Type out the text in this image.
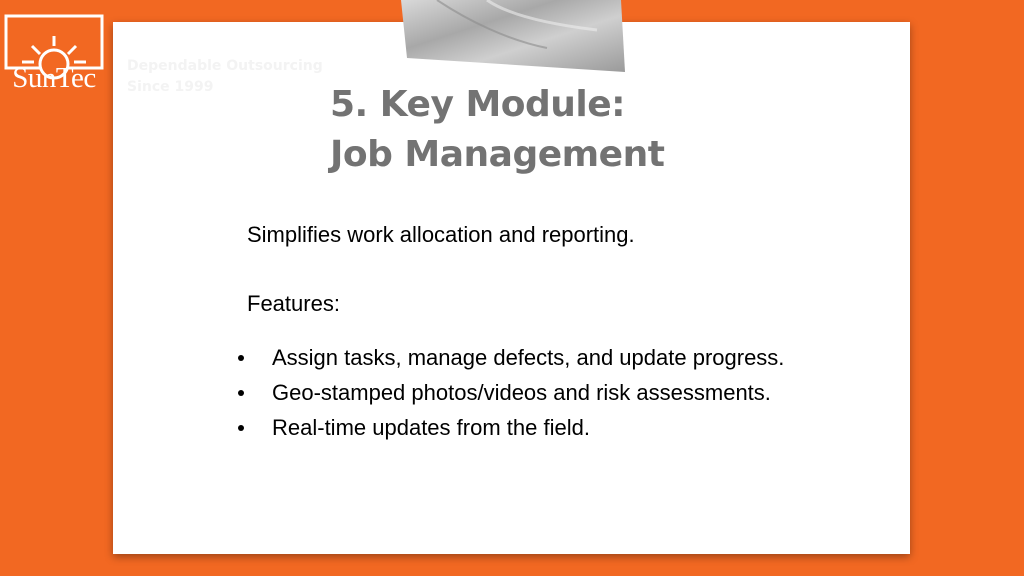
SunTec	Dependable Outsourcing
Since 1999	5. Key Module:
Job Management
Simplifies work allocation and reporting.
Features:
Assign tasks, manage defects, and update progress.
Geo-stamped photos/videos and risk assessments.
Real-time updates from the field.
